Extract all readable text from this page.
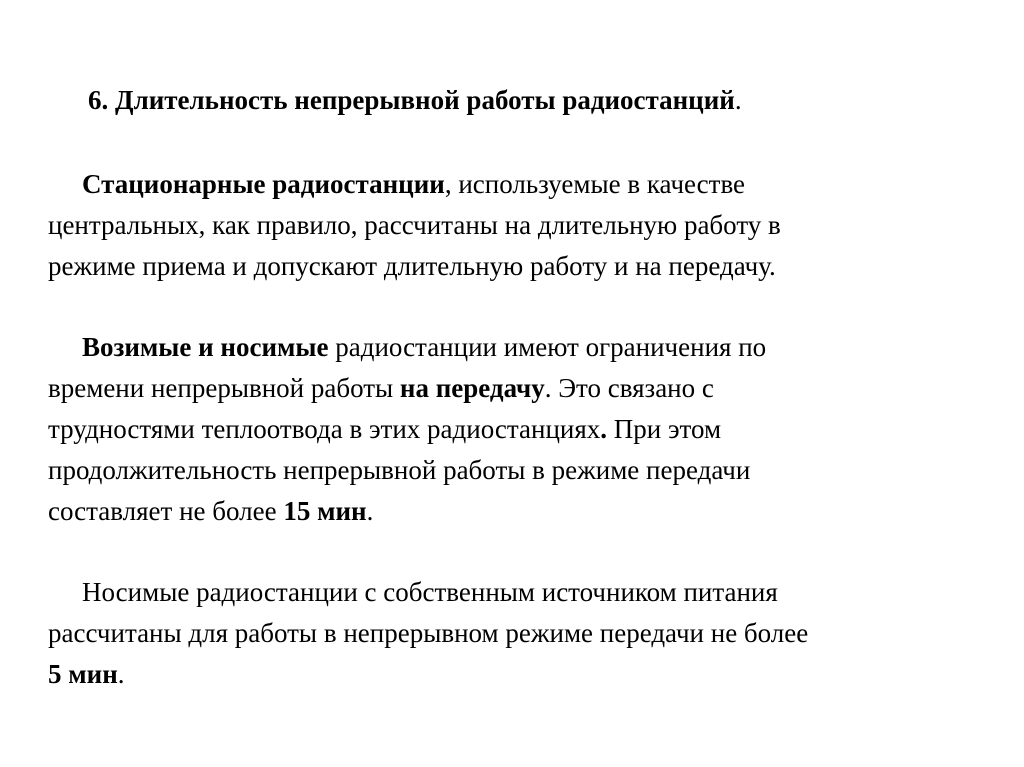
6. Длительность непрерывной работы радиостанций.
Стационарные радиостанции, используемые в качестве
центральных, как правило, рассчитаны на длительную работу в
режиме приема и допускают длительную работу и на передачу.
Возимые и носимые радиостанции имеют ограничения по
времени непрерывной работы на передачу. Это связано с
трудностями теплоотвода в этих радиостанциях. При этом
продолжительность непрерывной работы в режиме передачи
составляет не более 15 мин.
Носимые радиостанции с собственным источником питания
рассчитаны для работы в непрерывном режиме передачи не более
5 мин.
